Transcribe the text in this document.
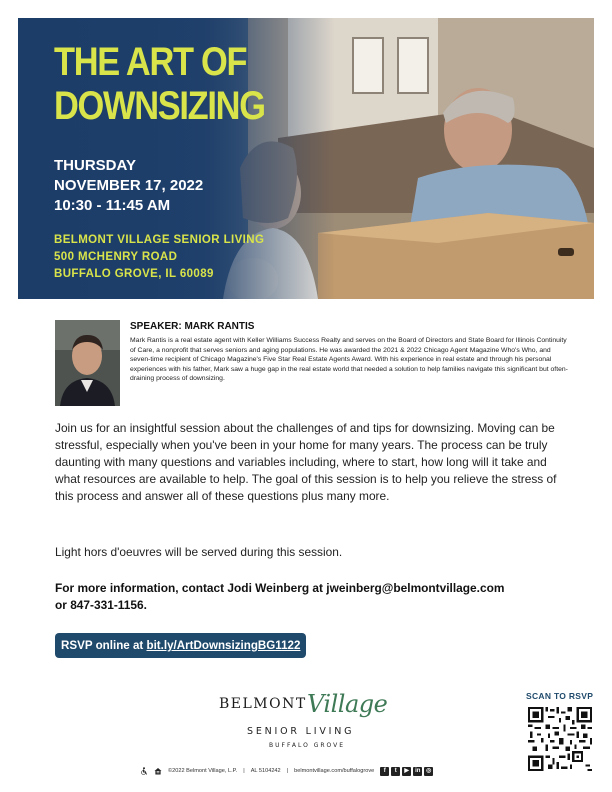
THE ART OF
DOWNSIZING
THURSDAY
NOVEMBER 17, 2022
10:30 - 11:45 AM
BELMONT VILLAGE SENIOR LIVING
500 MCHENRY ROAD
BUFFALO GROVE, IL 60089
SPEAKER: MARK RANTIS
Mark Rantis is a real estate agent with Keller Williams Success Realty and serves on the Board of Directors and State Board for Illinois Continuity of Care, a nonprofit that serves seniors and aging populations. He was awarded the 2021 & 2022 Chicago Agent Magazine Who's Who, and seven-time recipient of Chicago Magazine's Five Star Real Estate Agents Award. With his experience in real estate and through his personal experiences with his father, Mark saw a huge gap in the real estate world that needed a solution to help families navigate this significant but often-draining process of downsizing.
Join us for an insightful session about the challenges of and tips for downsizing. Moving can be stressful, especially when you've been in your home for many years. The process can be truly daunting with many questions and variables including, where to start, how long will it take and what resources are available to help. The goal of this session is to help you relieve the stress of this process and answer all of these questions plus many more.
Light hors d'oeuvres will be served during this session.
For more information, contact Jodi Weinberg at jweinberg@belmontvillage.com
or 847-331-1156.
RSVP online at bit.ly/ArtDownsizingBG1122
BELMONT Village
SENIOR LIVING
BUFFALO GROVE
SCAN TO RSVP
©2022 Belmont Village, L.P. | AL 5104242 | belmontvillage.com/buffalogrove	f	t	▶	in ◎
